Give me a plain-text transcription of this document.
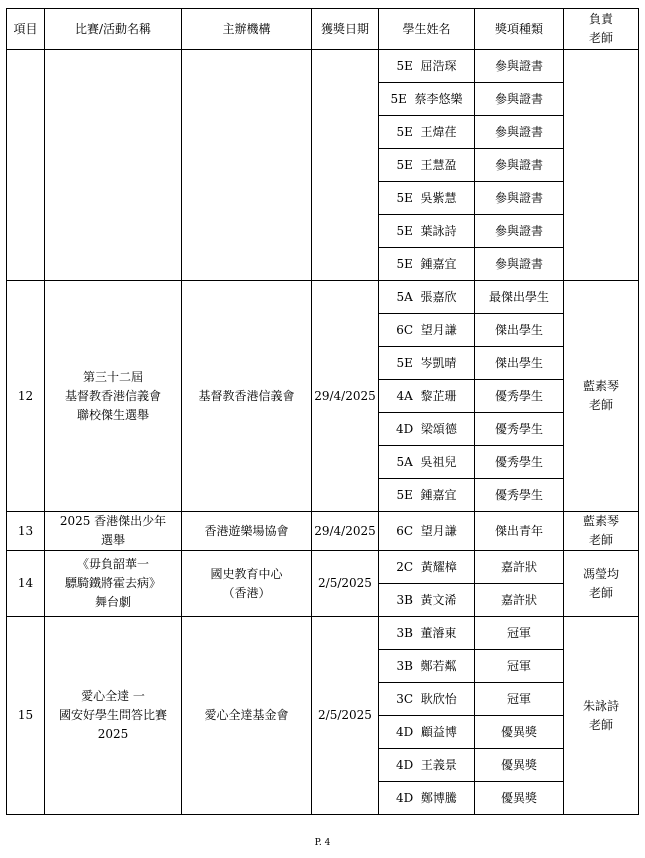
項目	比賽/活動名稱	主辦機構	獲獎日期	學生姓名	獎項種類	負責
老師
				5E  屈浩琛	參與證書	
				5E  蔡李悠樂	參與證書	
				5E  王煒荏	參與證書	
				5E  王慧盈	參與證書	
				5E  吳紫慧	參與證書	
				5E  葉詠詩	參與證書	
				5E  鍾嘉宜	參與證書	
12	第三十二屆
基督教香港信義會
聯校傑生選舉	基督教香港信義會	29/4/2025	5A  張嘉欣	最傑出學生	藍素琴
老師
				6C  望月謙	傑出學生	
				5E  岑凱晴	傑出學生	
				4A  黎芷珊	優秀學生	
				4D  梁頌德	優秀學生	
				5A  吳祖兒	優秀學生	
				5E  鍾嘉宜	優秀學生	
13	2025 香港傑出少年
選舉	香港遊樂場協會	29/4/2025	6C  望月謙	傑出青年	藍素琴
老師
14	《毋負韶華一
驃騎鐵將霍去病》
舞台劇	國史教育中心
（香港）	2/5/2025	2C  黃耀樟	嘉許狀	馮瑩均
老師
				3B  黃文浠	嘉許狀	
15	愛心全達 一
國安好學生問答比賽
2025	愛心全達基金會	2/5/2025	3B  董濬東	冠軍	朱詠詩
老師
				3B  鄭若粼	冠軍	
				3C  耿欣怡	冠軍	
				4D  顧益博	優異獎	
				4D  王義景	優異獎	
				4D  鄭博騰	優異獎	
P. 4
